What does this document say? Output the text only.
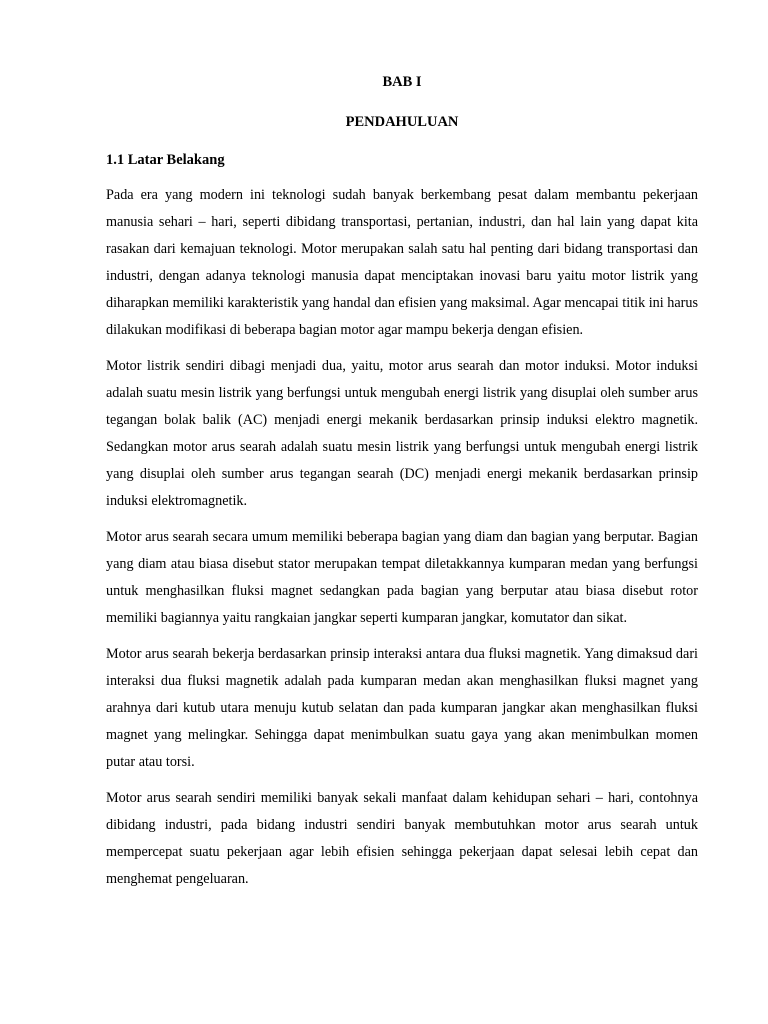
BAB I

PENDAHULUAN

1.1 Latar Belakang

Pada era yang modern ini teknologi sudah banyak berkembang pesat dalam membantu pekerjaan manusia sehari – hari, seperti dibidang transportasi, pertanian, industri, dan hal lain yang dapat kita rasakan dari kemajuan teknologi. Motor merupakan salah satu hal penting dari bidang transportasi dan industri, dengan adanya teknologi manusia dapat menciptakan inovasi baru yaitu motor listrik yang diharapkan memiliki karakteristik yang handal dan efisien yang maksimal. Agar mencapai titik ini harus dilakukan modifikasi di beberapa bagian motor agar mampu bekerja dengan efisien.

Motor listrik sendiri dibagi menjadi dua, yaitu, motor arus searah dan motor induksi. Motor induksi adalah suatu mesin listrik yang berfungsi untuk mengubah energi listrik yang disuplai oleh sumber arus tegangan bolak balik (AC) menjadi energi mekanik berdasarkan prinsip induksi elektro magnetik. Sedangkan motor arus searah adalah suatu mesin listrik yang berfungsi untuk mengubah energi listrik yang disuplai oleh sumber arus tegangan searah (DC) menjadi energi mekanik berdasarkan prinsip induksi elektromagnetik.

Motor arus searah secara umum memiliki beberapa bagian yang diam dan bagian yang berputar. Bagian yang diam atau biasa disebut stator merupakan tempat diletakkannya kumparan medan yang berfungsi untuk menghasilkan fluksi magnet sedangkan pada bagian yang berputar atau biasa disebut rotor memiliki bagiannya yaitu rangkaian jangkar seperti kumparan jangkar, komutator dan sikat.

Motor arus searah bekerja berdasarkan prinsip interaksi antara dua fluksi magnetik. Yang dimaksud dari interaksi dua fluksi magnetik adalah pada kumparan medan akan menghasilkan fluksi magnet yang arahnya dari kutub utara menuju kutub selatan dan pada kumparan jangkar akan menghasilkan fluksi magnet yang melingkar. Sehingga dapat menimbulkan suatu gaya yang akan menimbulkan momen putar atau torsi.

Motor arus searah sendiri memiliki banyak sekali manfaat dalam kehidupan sehari – hari, contohnya dibidang industri, pada bidang industri sendiri banyak membutuhkan motor arus searah untuk mempercepat suatu pekerjaan agar lebih efisien sehingga pekerjaan dapat selesai lebih cepat dan menghemat pengeluaran.
